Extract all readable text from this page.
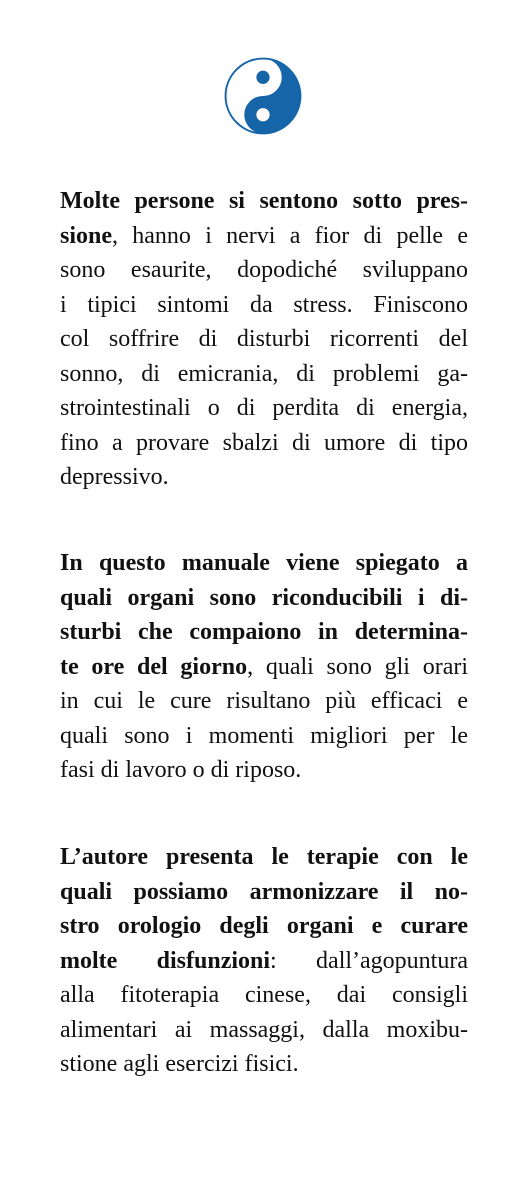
Molte persone si sentono sotto pres-
sione, hanno i nervi a fior di pelle e
sono esaurite, dopodiché sviluppano
i tipici sintomi da stress. Finiscono
col soffrire di disturbi ricorrenti del
sonno, di emicrania, di problemi ga-
strointestinali o di perdita di energia,
fino a provare sbalzi di umore di tipo
depressivo.
In questo manuale viene spiegato a
quali organi sono riconducibili i di-
sturbi che compaiono in determina-
te ore del giorno, quali sono gli orari
in cui le cure risultano più efficaci e
quali sono i momenti migliori per le
fasi di lavoro o di riposo.
L’autore presenta le terapie con le
quali possiamo armonizzare il no-
stro orologio degli organi e curare
molte disfunzioni: dall’agopuntura
alla fitoterapia cinese, dai consigli
alimentari ai massaggi, dalla moxibu-
stione agli esercizi fisici.
